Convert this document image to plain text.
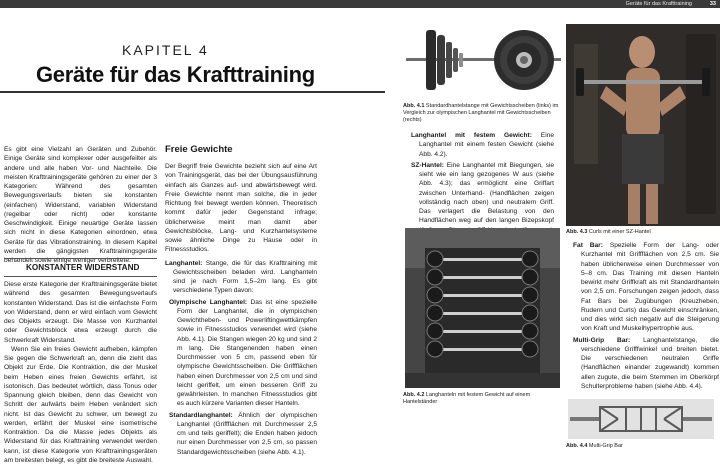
Geräte für das Krafttraining	33
KAPITEL 4
Geräte für das Krafttraining

Es gibt eine Vielzahl an Geräten und Zubehör. Einige Geräte sind komplexer oder ausgefeilter als andere und alle haben Vor- und Nachteile. Die meisten Krafttrainingsgeräte gehören zu einer der 3 Kategorien: Während des gesamten Bewegungsverlaufs bieten sie konstanten (einfachen) Widerstand, variablen Widerstand (regelbar oder nicht) oder konstante Geschwindigkeit. Einige neuartige Geräte lassen sich nicht in diese Kategorien einordnen, etwa Geräte für das Vibrationstraining. In diesem Kapitel werden die gängigsten Krafttrainingsgeräte behandelt sowie einige weniger verbreitete.

KONSTANTER WIDERSTAND

Diese erste Kategorie der Krafttrainingsgeräte bietet während des gesamten Bewegungsverlaufs konstanten Widerstand. Das ist die einfachste Form von Widerstand, denn er wird einfach vom Gewicht des Objekts erzeugt. Die Masse von Kurzhantel oder Gewichtsblock etwa erzeugt durch die Schwerkraft Widerstand.

Wenn Sie ein freies Gewicht aufheben, kämpfen Sie gegen die Schwerkraft an, denn die zieht das Objekt zur Erde. Die Kontraktion, die der Muskel beim Heben eines freien Gewichts erfährt, ist isotonisch. Das bedeutet wörtlich, dass Tonus oder Spannung gleich bleiben, denn das Gewicht von Schritt der aufwärts beim Heben verändert sich nicht. Ist das Gewicht zu schwer, um bewegt zu werden, erfährt der Muskel eine isometrische Kontraktion. Da die Masse jedes Objekts als Widerstand für das Krafttraining verwendet werden kann, ist diese Kategorie von Krafttrainingsgeräten am breitesten belegt, es gibt die breiteste Auswahl.

Freie Gewichte

Der Begriff freie Gewichte bezieht sich auf eine Art von Trainingsgerät, das bei der Übungsausführung einfach als Ganzes auf- und abwärtsbewegt wird. Freie Gewichte nennt man solche, die in jeder Richtung frei bewegt werden können. Theoretisch kommt dafür jeder Gegenstand infrage; üblicherweise meint man damit aber Gewichtsblöcke, Lang- und Kurzhantelsysteme sowie ähnliche Dinge zu Hause oder in Fitnessstudios.

Langhantel: Stange, die für das Krafttraining mit Gewichtsscheiben beladen wird. Langhanteln sind je nach Form 1,5–2m lang. Es gibt verschiedene Typen davon:

Olympische Langhantel: Das ist eine spezielle Form der Langhantel, die in olympischen Gewichtheben- und Powerliftingwettkämpfen sowie in Fitnessstudios verwendet wird (siehe Abb. 4.1). Die Stangen wiegen 20 kg und sind 2 m lang. Die Stangenenden haben einen Durchmesser von 5 cm, passend eben für olympische Gewichtsscheiben. Die Griffflächen haben einen Durchmesser von 2,5 cm und sind leicht geriffelt, um einen besseren Griff zu gewährleisten. In manchen Fitnessstudios gibt es auch kürzere Varianten dieser Hanteln.

Standardlanghantel: Ähnlich der olympischen Langhantel (Griffflächen mit Durchmesser 2,5 cm und teils geriffelt); die Enden haben jedoch nur einen Durchmesser von 2,5 cm, so passen Standardgewichtsscheiben (siehe Abb. 4.1).

Abb. 4.1 Standardhantelstange mit Gewichtsscheiben (links) im Vergleich zur olympischen Langhantel mit Gewichtsscheiben (rechts)

Langhantel mit festem Gewicht: Eine Langhantel mit einem festen Gewicht (siehe Abb. 4.2).

SZ-Hantel: Eine Langhantel mit Biegungen, sie sieht wie ein lang gezogenes W aus (siehe Abb. 4.3); das ermöglicht eine Griffart zwischen Unterhand- (Handflächen zeigen vollständig nach oben) und neutralem Griff. Das verlagert die Belastung von den Handflächen weg auf den langen Bizepskopf

Abb. 4.3 Curls mit einer SZ-Hantel
Abb. 4.2 Langhanteln mit festem Gewicht auf einem Hantelständer

Fat Bar: Spezielle Form der Lang- oder Kurzhantel mit Griffflächen von 2,5 cm. Sie haben üblicherweise einen Durchmesser von 5–8 cm. Das Training mit diesen Hanteln bewirkt mehr Griffkraft als mit Standardhanteln von 2,5 cm. Forschungen zeigen jedoch, dass Fat Bars bei Zugübungen (Kreuzheben, Rudern und Curls) das Gewicht einschränken, und dies wirkt sich negativ auf die Steigerung von Kraft und Muskelhypertrophie aus.

Multi-Grip Bar: Langhantelstange, die verschiedene Grifffwinkel und breiten bietet. Die verschiedenen neutralen Griffe (Handflächen einander zugewandt) kommen allen zugute, die beim Stemmen im Oberkörpf Schulterprobleme haben (siehe Abb. 4.4).

Abb. 4.4 Multi-Grip Bar
